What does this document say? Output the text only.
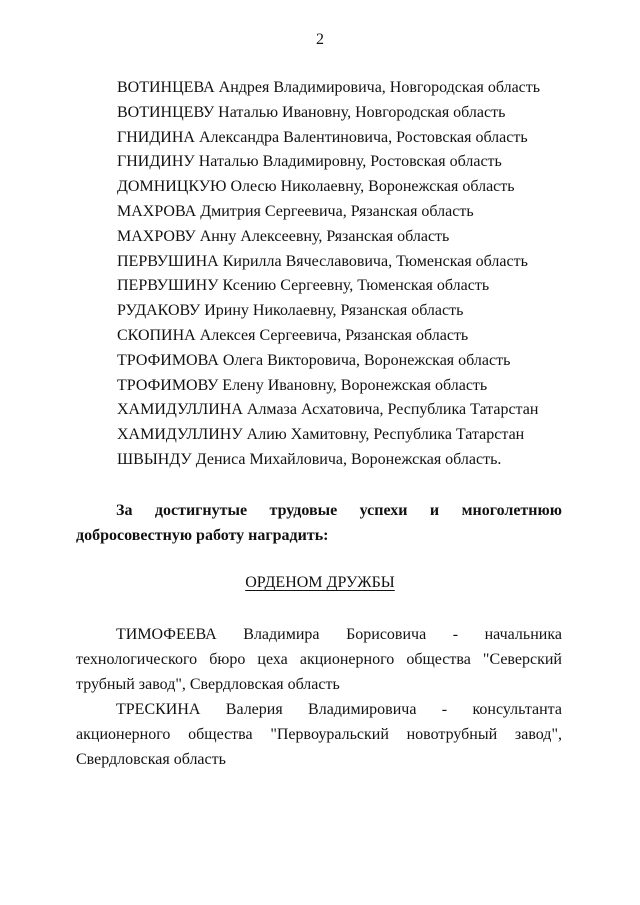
2
ВОТИНЦЕВА Андрея Владимировича, Новгородская область
ВОТИНЦЕВУ Наталью Ивановну, Новгородская область
ГНИДИНА Александра Валентиновича, Ростовская область
ГНИДИНУ Наталью Владимировну, Ростовская область
ДОМНИЦКУЮ Олесю Николаевну, Воронежская область
МАХРОВА Дмитрия Сергеевича, Рязанская область
МАХРОВУ Анну Алексеевну, Рязанская область
ПЕРВУШИНА Кирилла Вячеславовича, Тюменская область
ПЕРВУШИНУ Ксению Сергеевну, Тюменская область
РУДАКОВУ Ирину Николаевну, Рязанская область
СКОПИНА Алексея Сергеевича, Рязанская область
ТРОФИМОВА Олега Викторовича, Воронежская область
ТРОФИМОВУ Елену Ивановну, Воронежская область
ХАМИДУЛЛИНА Алмаза Асхатовича, Республика Татарстан
ХАМИДУЛЛИНУ Алию Хамитовну, Республика Татарстан
ШВЫНДУ Дениса Михайловича, Воронежская область.
За достигнутые трудовые успехи и многолетнюю
добросовестную работу наградить:
ОРДЕНОМ ДРУЖБЫ
ТИМОФЕЕВА Владимира Борисовича - начальника
технологического бюро цеха акционерного общества "Северский
трубный завод", Свердловская область
ТРЕСКИНА Валерия Владимировича - консультанта
акционерного общества "Первоуральский новотрубный завод",
Свердловская область
